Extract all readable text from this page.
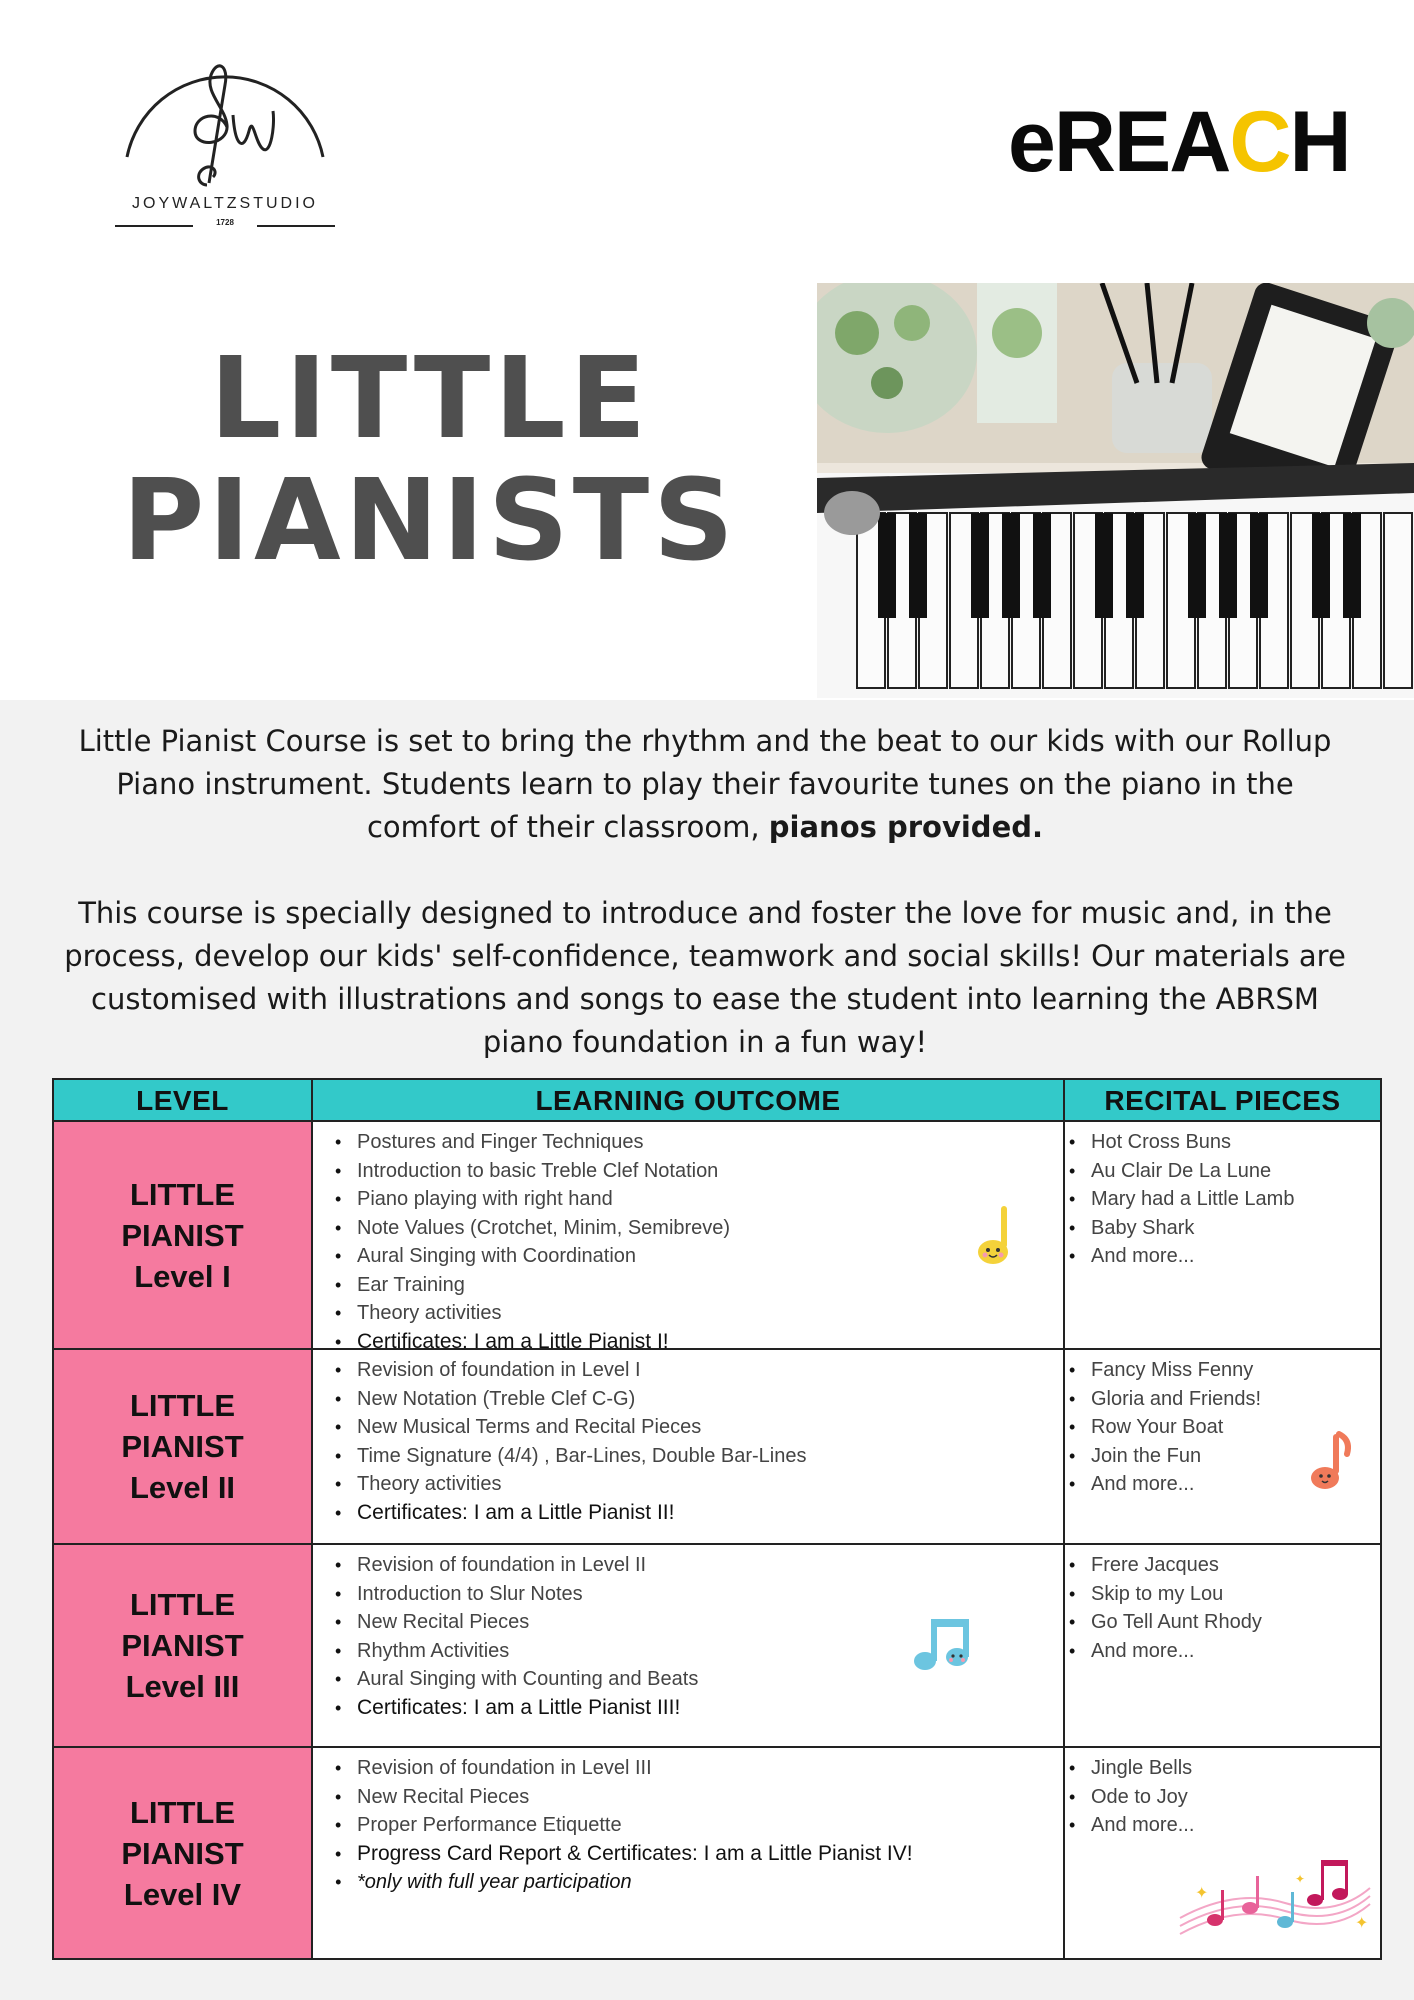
JOYWALTZSTUDIO
1728
eREACH
LITTLE
PIANISTS

Little Pianist Course is set to bring the rhythm and the beat to our kids with our Rollup Piano instrument. Students learn to play their favourite tunes on the piano in the comfort of their classroom, pianos provided.

This course is specially designed to introduce and foster the love for music and, in the process, develop our kids' self-confidence, teamwork and social skills! Our materials are customised with illustrations and songs to ease the student into learning the ABRSM piano foundation in a fun way!

LEVEL	LEARNING OUTCOME	RECITAL PIECES
LITTLE
PIANIST
Level I
• Postures and Finger Techniques
• Introduction to basic Treble Clef Notation
• Piano playing with right hand
• Note Values (Crotchet, Minim, Semibreve)
• Aural Singing with Coordination
• Ear Training
• Theory activities
• Certificates: I am a Little Pianist I!
• Hot Cross Buns
• Au Clair De La Lune
• Mary had a Little Lamb
• Baby Shark
• And more...
LITTLE
PIANIST
Level II
• Revision of foundation in Level I
• New Notation (Treble Clef C-G)
• New Musical Terms and Recital Pieces
• Time Signature (4/4) , Bar-Lines, Double Bar-Lines
• Theory activities
• Certificates: I am a Little Pianist II!
• Fancy Miss Fenny
• Gloria and Friends!
• Row Your Boat
• Join the Fun
• And more...
LITTLE
PIANIST
Level III
• Revision of foundation in Level II
• Introduction to Slur Notes
• New Recital Pieces
• Rhythm Activities
• Aural Singing with Counting and Beats
• Certificates: I am a Little Pianist III!
• Frere Jacques
• Skip to my Lou
• Go Tell Aunt Rhody
• And more...
LITTLE
PIANIST
Level IV
• Revision of foundation in Level III
• New Recital Pieces
• Proper Performance Etiquette
• Progress Card Report & Certificates: I am a Little Pianist IV!
• *only with full year participation
• Jingle Bells
• Ode to Joy
• And more...
✦
✦
✦
